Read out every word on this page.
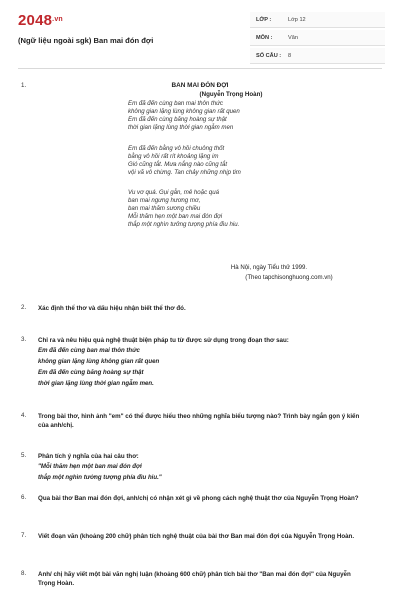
$2048^{.vn}$
(Ngữ liệu ngoài sgk) Ban mai đón đợi
LỚP :	Lớp 12
MÔN :	Văn
SỐ CÂU :	8
1.	BAN MAI ĐÓN ĐỢI
(Nguyễn Trọng Hoàn)
Em đã đến cùng ban mai thôn thức
không gian lặng lùng không gian rất quen
Em đã đến cùng băng hoàng sự thật
thời gian lặng lùng thời gian ngẫm men
Em đã đến bằng vô hồi chuông thốt
bằng vô hồi rất rít khoảng lặng im
Gió cũng tắt. Mưa nắng nào cũng tắt
vội vã vô chừng. Tan chảy những nhịp tim
Vu vơ quá. Gụi gẫn, mê hoặc quá
ban mai ngưng hương mơ,
ban mai thăm sương chiều
Mỗi thăm hẹn một ban mai đón đợi
thắp một nghìn tưởng tượng phía đìu hiu.
Hà Nội, ngày Tiểu thử 1999.
(Theo tapchisonghuong.com.vn)
2. Xác định thể thơ và dấu hiệu nhận biết thể thơ đó.
3. Chỉ ra và nêu hiệu quả nghệ thuật biện pháp tu từ được sử dụng trong đoạn thơ sau:
Em đã đến cùng ban mai thôn thức
không gian lặng lùng không gian rất quen
Em đã đến cùng băng hoàng sự thật
thời gian lặng lùng thời gian ngẫm men.
4. Trong bài thơ, hình ảnh "em" có thể được hiểu theo những nghĩa biểu tượng nào? Trình bày ngắn gọn ý kiến của anh/chị.
5. Phân tích ý nghĩa của hai câu thơ:
"Mỗi thăm hẹn một ban mai đón đợi
thắp một nghìn tưởng tượng phía đìu hiu."
6. Qua bài thơ Ban mai đón đợi, anh/chị có nhận xét gì về phong cách nghệ thuật thơ của Nguyễn Trọng Hoàn?
7. Viết đoạn văn (khoảng 200 chữ) phân tích nghệ thuật của bài thơ Ban mai đón đợi của Nguyễn Trọng Hoàn.
8. Anh/ chị hãy viết một bài văn nghị luận (khoảng 600 chữ) phân tích bài thơ "Ban mai đón đợi" của Nguyễn Trọng Hoàn.
